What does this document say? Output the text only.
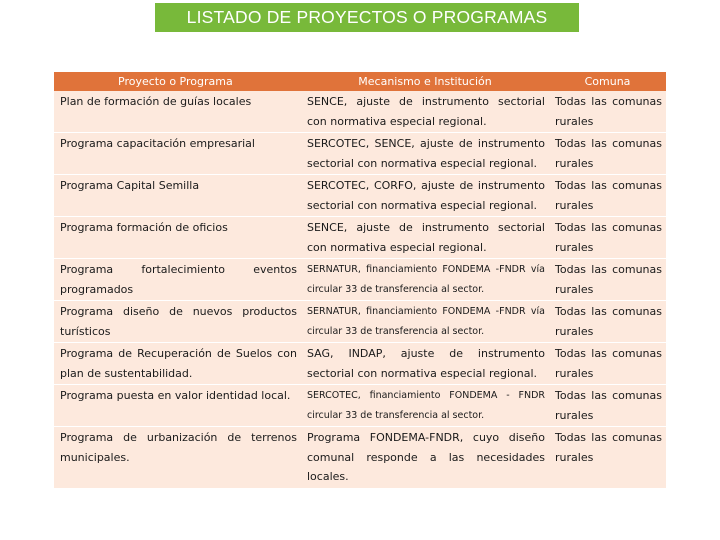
LISTADO DE PROYECTOS O PROGRAMAS
Proyecto o Programa	Mecanismo e Institución	Comuna
Plan de formación de guías locales	SENCE, ajuste de instrumento sectorial con normativa especial regional.	Todas las comunas rurales
Programa capacitación empresarial	SERCOTEC, SENCE, ajuste de instrumento sectorial con normativa especial regional.	Todas las comunas rurales
Programa Capital Semilla	SERCOTEC, CORFO, ajuste de instrumento sectorial con normativa especial regional.	Todas las comunas rurales
Programa formación de oficios	SENCE, ajuste de instrumento sectorial con normativa especial regional.	Todas las comunas rurales
Programa fortalecimiento eventos programados	SERNATUR, financiamiento FONDEMA -FNDR vía circular 33 de transferencia al sector.	Todas las comunas rurales
Programa diseño de nuevos productos turísticos	SERNATUR, financiamiento FONDEMA -FNDR vía circular 33 de transferencia al sector.	Todas las comunas rurales
Programa de Recuperación de Suelos con plan de sustentabilidad.	SAG, INDAP, ajuste de instrumento sectorial con normativa especial regional.	Todas las comunas rurales
Programa puesta en valor identidad local.	SERCOTEC, financiamiento FONDEMA - FNDR circular 33 de transferencia al sector.	Todas las comunas rurales
Programa de urbanización de terrenos municipales.	Programa FONDEMA-FNDR, cuyo diseño comunal responde a las necesidades locales.	Todas las comunas rurales
